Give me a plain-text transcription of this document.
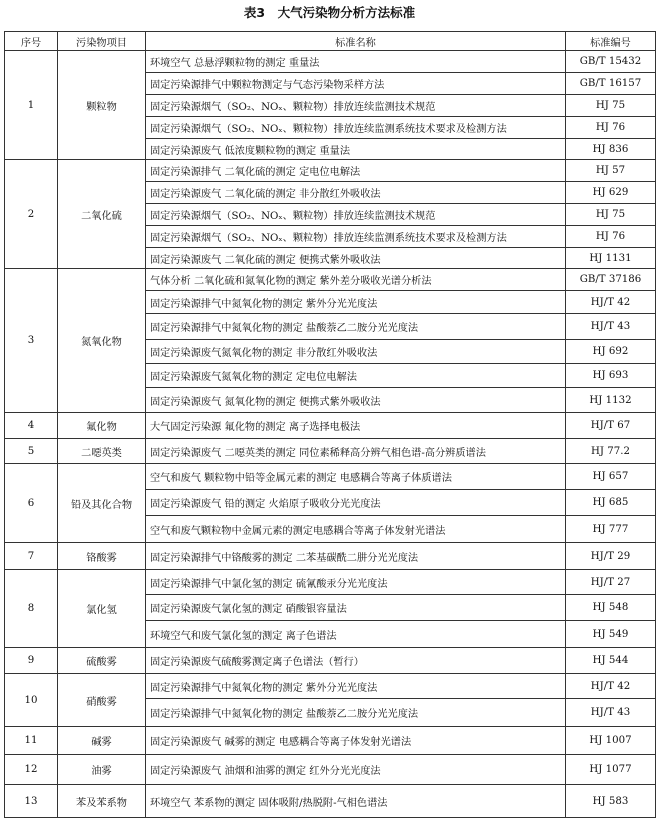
表3　大气污染物分析方法标准
序号	污染物项目	标准名称	标准编号
1	颗粒物	环境空气 总悬浮颗粒物的测定 重量法	GB/T 15432
		固定污染源排气中颗粒物测定与气态污染物采样方法	GB/T 16157
		固定污染源烟气（SO₂、NOₓ、颗粒物）排放连续监测技术规范	HJ 75
		固定污染源烟气（SO₂、NOₓ、颗粒物）排放连续监测系统技术要求及检测方法	HJ 76
		固定污染源废气 低浓度颗粒物的测定 重量法	HJ 836
2	二氧化硫	固定污染源排气 二氧化硫的测定 定电位电解法	HJ 57
		固定污染源废气 二氧化硫的测定 非分散红外吸收法	HJ 629
		固定污染源烟气（SO₂、NOₓ、颗粒物）排放连续监测技术规范	HJ 75
		固定污染源烟气（SO₂、NOₓ、颗粒物）排放连续监测系统技术要求及检测方法	HJ 76
		固定污染源废气 二氧化硫的测定 便携式紫外吸收法	HJ 1131
3	氮氧化物	气体分析 二氧化硫和氮氧化物的测定 紫外差分吸收光谱分析法	GB/T 37186
		固定污染源排气中氮氧化物的测定 紫外分光光度法	HJ/T 42
		固定污染源排气中氮氧化物的测定 盐酸萘乙二胺分光光度法	HJ/T 43
		固定污染源废气氮氧化物的测定 非分散红外吸收法	HJ 692
		固定污染源废气氮氧化物的测定 定电位电解法	HJ 693
		固定污染源废气 氮氧化物的测定 便携式紫外吸收法	HJ 1132
4	氟化物	大气固定污染源 氟化物的测定 离子选择电极法	HJ/T 67
5	二噁英类	固定污染源废气 二噁英类的测定 同位素稀释高分辨气相色谱-高分辨质谱法	HJ 77.2
6	铅及其化合物	空气和废气 颗粒物中铅等金属元素的测定 电感耦合等离子体质谱法	HJ 657
		固定污染源废气 铅的测定 火焰原子吸收分光光度法	HJ 685
		空气和废气颗粒物中金属元素的测定电感耦合等离子体发射光谱法	HJ 777
7	铬酸雾	固定污染源排气中铬酸雾的测定 二苯基碳酰二肼分光光度法	HJ/T 29
8	氯化氢	固定污染源排气中氯化氢的测定 硫氰酸汞分光光度法	HJ/T 27
		固定污染源废气氯化氢的测定 硝酸银容量法	HJ 548
		环境空气和废气氯化氢的测定 离子色谱法	HJ 549
9	硫酸雾	固定污染源废气硫酸雾测定离子色谱法（暂行）	HJ 544
10	硝酸雾	固定污染源排气中氮氧化物的测定 紫外分光光度法	HJ/T 42
		固定污染源排气中氮氧化物的测定 盐酸萘乙二胺分光光度法	HJ/T 43
11	碱雾	固定污染源废气 碱雾的测定 电感耦合等离子体发射光谱法	HJ 1007
12	油雾	固定污染源废气 油烟和油雾的测定 红外分光光度法	HJ 1077
13	苯及苯系物	环境空气 苯系物的测定 固体吸附/热脱附-气相色谱法	HJ 583
